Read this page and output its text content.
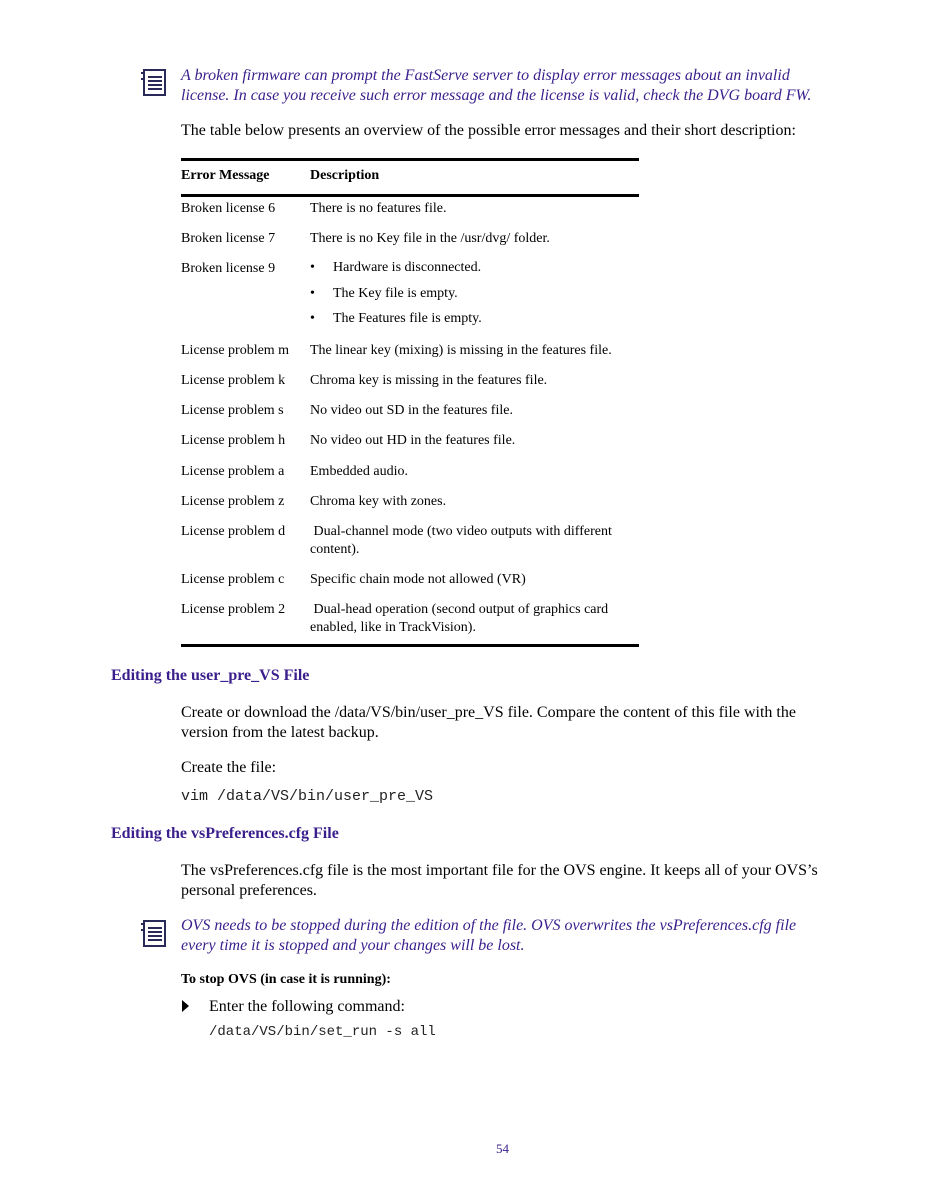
A broken firmware can prompt the FastServe server to display error messages about an invalid
license. In case you receive such error message and the license is valid, check the DVG board FW.
The table below presents an overview of the possible error messages and their short description:
Error Message	Description
Broken license 6 There is no features file.
Broken license 7 There is no Key file in the /usr/dvg/ folder.
Broken license 9 • Hardware is disconnected.
• The Key file is empty.
• The Features file is empty.
License problem m The linear key (mixing) is missing in the features file.
License problem k Chroma key is missing in the features file.
License problem s No video out SD in the features file.
License problem h No video out HD in the features file.
License problem a Embedded audio.
License problem z Chroma key with zones.
License problem d Dual-channel mode (two video outputs with different
content).
License problem c Specific chain mode not allowed (VR)
License problem 2 Dual-head operation (second output of graphics card
enabled, like in TrackVision).
Editing the user_pre_VS File
Create or download the /data/VS/bin/user_pre_VS file. Compare the content of this file with the
version from the latest backup.
Create the file:
vim /data/VS/bin/user_pre_VS
Editing the vsPreferences.cfg File
The vsPreferences.cfg file is the most important file for the OVS engine. It keeps all of your OVS’s
personal preferences.
OVS needs to be stopped during the edition of the file. OVS overwrites the vsPreferences.cfg file
every time it is stopped and your changes will be lost.
To stop OVS (in case it is running):
Enter the following command:
/data/VS/bin/set_run -s all
54
